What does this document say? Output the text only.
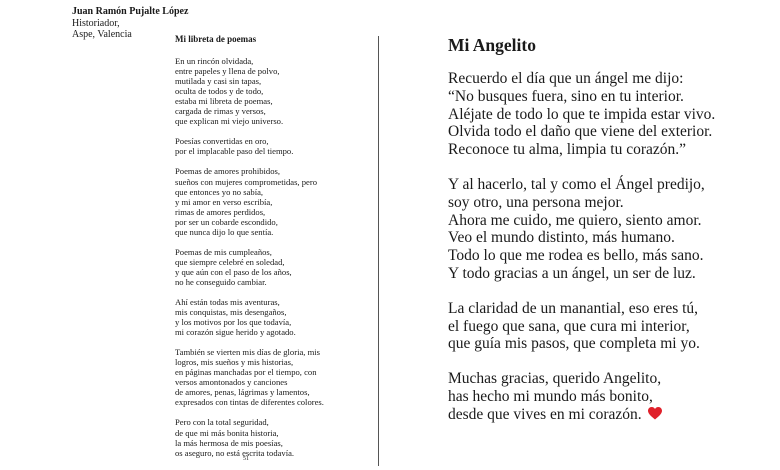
Juan Ramón Pujalte López
Historiador,
Aspe, Valencia	Mi libreta de poemas
En un rincón olvidada,
entre papeles y llena de polvo,
mutilada y casi sin tapas,
oculta de todos y de todo,
estaba mi libreta de poemas,
cargada de rimas y versos,
que explican mi viejo universo.
Poesías convertidas en oro,
por el implacable paso del tiempo.
Poemas de amores prohibidos,
sueños con mujeres comprometidas, pero
que entonces yo no sabía,
y mi amor en verso escribía,
rimas de amores perdidos,
por ser un cobarde escondido,
que nunca dijo lo que sentía.
Poemas de mis cumpleaños,
que siempre celebré en soledad,
y que aún con el paso de los años,
no he conseguido cambiar.
Ahí están todas mis aventuras,
mis conquistas, mis desengaños,
y los motivos por los que todavía,
mi corazón sigue herido y agotado.
También se vierten mis días de gloria, mis
logros, mis sueños y mis historias,
en páginas manchadas por el tiempo, con
versos amontonados y canciones
de amores, penas, lágrimas y lamentos,
expresados con tintas de diferentes colores.
Pero con la total seguridad,
de que mi más bonita historia,
la más hermosa de mis poesías,
os aseguro, no está escrita todavía.
51
Mi Angelito
Recuerdo el día que un ángel me dijo:
“No busques fuera, sino en tu interior.
Aléjate de todo lo que te impida estar vivo.
Olvida todo el daño que viene del exterior.
Reconoce tu alma, limpia tu corazón.”
Y al hacerlo, tal y como el Ángel predijo,
soy otro, una persona mejor.
Ahora me cuido, me quiero, siento amor.
Veo el mundo distinto, más humano.
Todo lo que me rodea es bello, más sano.
Y todo gracias a un ángel, un ser de luz.
La claridad de un manantial, eso eres tú,
el fuego que sana, que cura mi interior,
que guía mis pasos, que completa mi yo.
Muchas gracias, querido Angelito,
has hecho mi mundo más bonito,
desde que vives en mi corazón.
